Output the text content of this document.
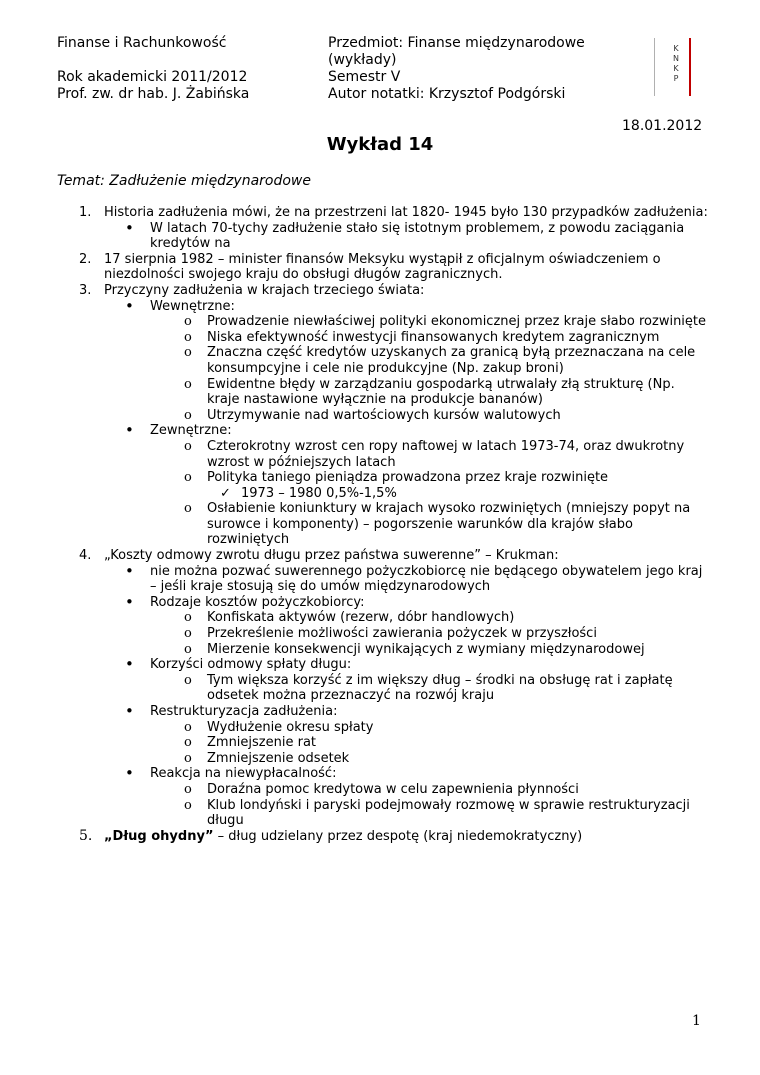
Finanse i Rachunkowość
Rok akademicki 2011/2012
Prof. zw. dr hab. J. Żabińska
Przedmiot: Finanse międzynarodowe
(wykłady)
Semestr V
Autor notatki: Krzysztof Podgórski
K
N
K
P
18.01.2012
Wykład 14
Temat: Zadłużenie międzynarodowe
1. Historia zadłużenia mówi, że na przestrzeni lat 1820- 1945 było 130 przypadków zadłużenia:
• W latach 70-tychy zadłużenie stało się istotnym problemem, z powodu zaciągania
kredytów na
2. 17 sierpnia 1982 – minister finansów Meksyku wystąpił z oficjalnym oświadczeniem o
niezdolności swojego kraju do obsługi długów zagranicznych.
3. Przyczyny zadłużenia w krajach trzeciego świata:
• Wewnętrzne:
o Prowadzenie niewłaściwej polityki ekonomicznej przez kraje słabo rozwinięte
o Niska efektywność inwestycji finansowanych kredytem zagranicznym
o Znaczna część kredytów uzyskanych za granicą byłą przeznaczana na cele
konsumpcyjne i cele nie produkcyjne (Np. zakup broni)
o Ewidentne błędy w zarządzaniu gospodarką utrwalały złą strukturę (Np.
kraje nastawione wyłącznie na produkcje bananów)
o Utrzymywanie nad wartościowych kursów walutowych
• Zewnętrzne:
o Czterokrotny wzrost cen ropy naftowej w latach 1973-74, oraz dwukrotny
wzrost w późniejszych latach
o Polityka taniego pieniądza prowadzona przez kraje rozwinięte
✓ 1973 – 1980 0,5%-1,5%
o Osłabienie koniunktury w krajach wysoko rozwiniętych (mniejszy popyt na
surowce i komponenty) – pogorszenie warunków dla krajów słabo
rozwiniętych
4. „Koszty odmowy zwrotu długu przez państwa suwerenne” – Krukman:
• nie można pozwać suwerennego pożyczkobiorcę nie będącego obywatelem jego kraj
– jeśli kraje stosują się do umów międzynarodowych
• Rodzaje kosztów pożyczkobiorcy:
o Konfiskata aktywów (rezerw, dóbr handlowych)
o Przekreślenie możliwości zawierania pożyczek w przyszłości
o Mierzenie konsekwencji wynikających z wymiany międzynarodowej
• Korzyści odmowy spłaty długu:
o Tym większa korzyść z im większy dług – środki na obsługę rat i zapłatę
odsetek można przeznaczyć na rozwój kraju
• Restrukturyzacja zadłużenia:
o Wydłużenie okresu spłaty
o Zmniejszenie rat
o Zmniejszenie odsetek
• Reakcja na niewypłacalność:
o Doraźna pomoc kredytowa w celu zapewnienia płynności
o Klub londyński i paryski podejmowały rozmowę w sprawie restrukturyzacji
długu
5. „Dług ohydny” – dług udzielany przez despotę (kraj niedemokratyczny)
1
